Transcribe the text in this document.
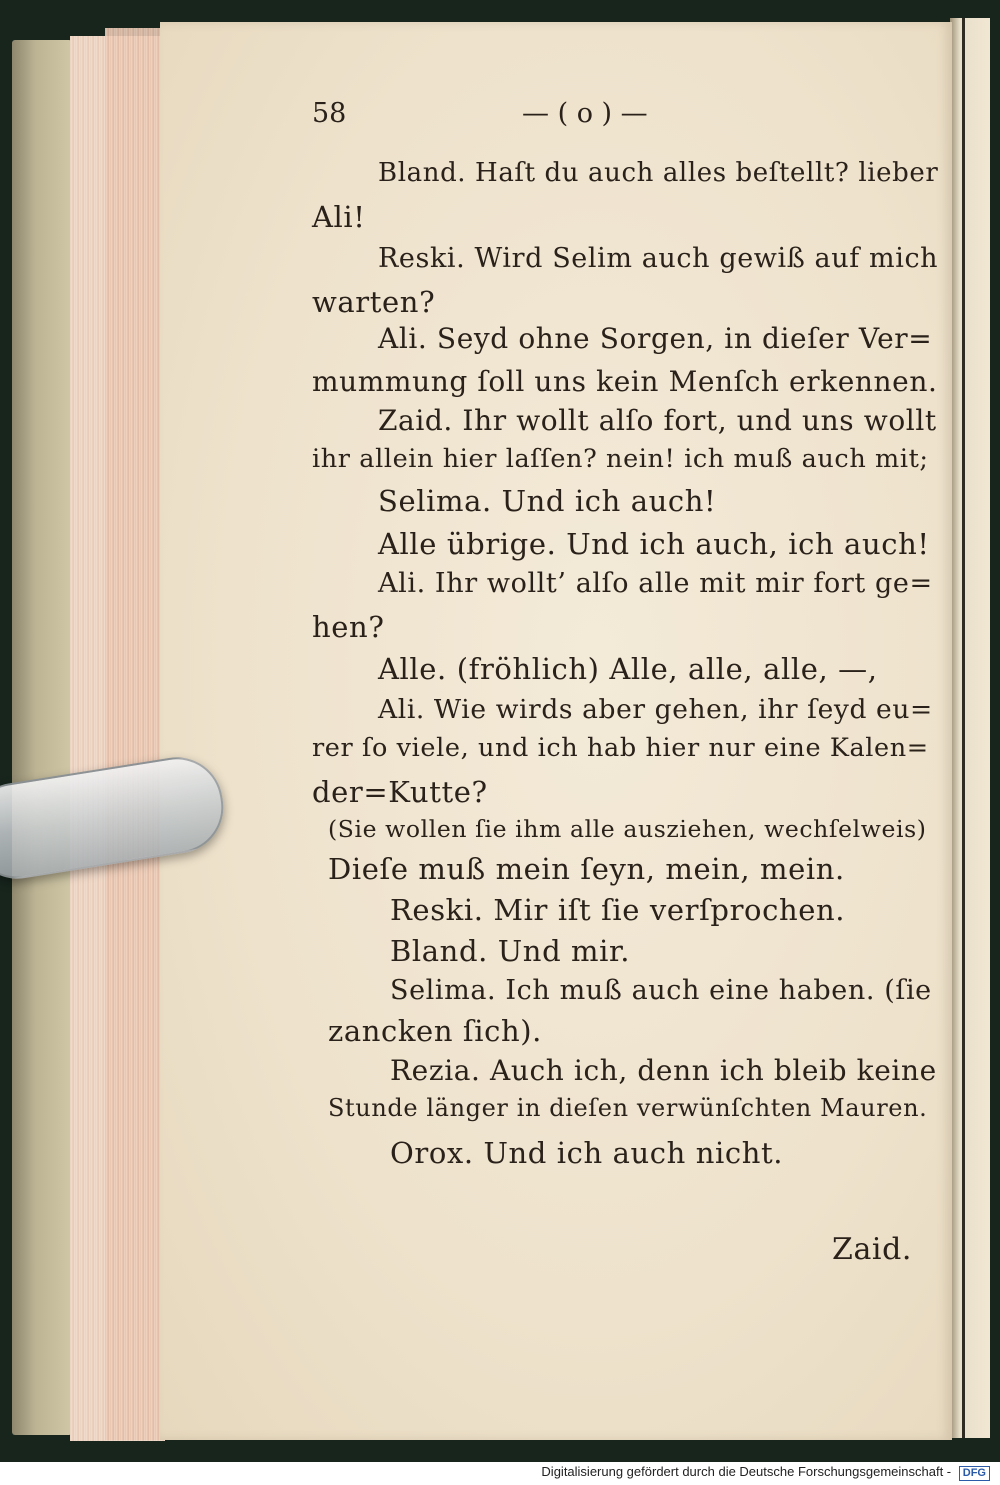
58	— ( o ) —
Bland. Haſt du auch alles beſtellt? lieber
Ali!
Reski. Wird Selim auch gewiß auf mich
warten?
Ali. Seyd ohne Sorgen, in dieſer Ver=
mummung ſoll uns kein Menſch erkennen.
Zaid. Ihr wollt alſo fort, und uns wollt
ihr allein hier laſſen? nein! ich muß auch mit;
Selima. Und ich auch!
Alle übrige. Und ich auch, ich auch!
Ali. Ihr wollt’ alſo alle mit mir fort ge=
hen?
Alle. (fröhlich) Alle, alle, alle, —,
Ali. Wie wirds aber gehen, ihr ſeyd eu=
rer ſo viele, und ich hab hier nur eine Kalen=
der=Kutte?
(Sie wollen ſie ihm alle ausziehen, wechſelweis)
Dieſe muß mein ſeyn, mein, mein.
Reski. Mir iſt ſie verſprochen.
Bland. Und mir.
Selima. Ich muß auch eine haben. (ſie
zancken ſich).
Rezia. Auch ich, denn ich bleib keine
Stunde länger in dieſen verwünſchten Mauren.
Orox. Und ich auch nicht.
Zaid.
Digitalisierung gefördert durch die Deutsche Forschungsgemeinschaft - DFG
